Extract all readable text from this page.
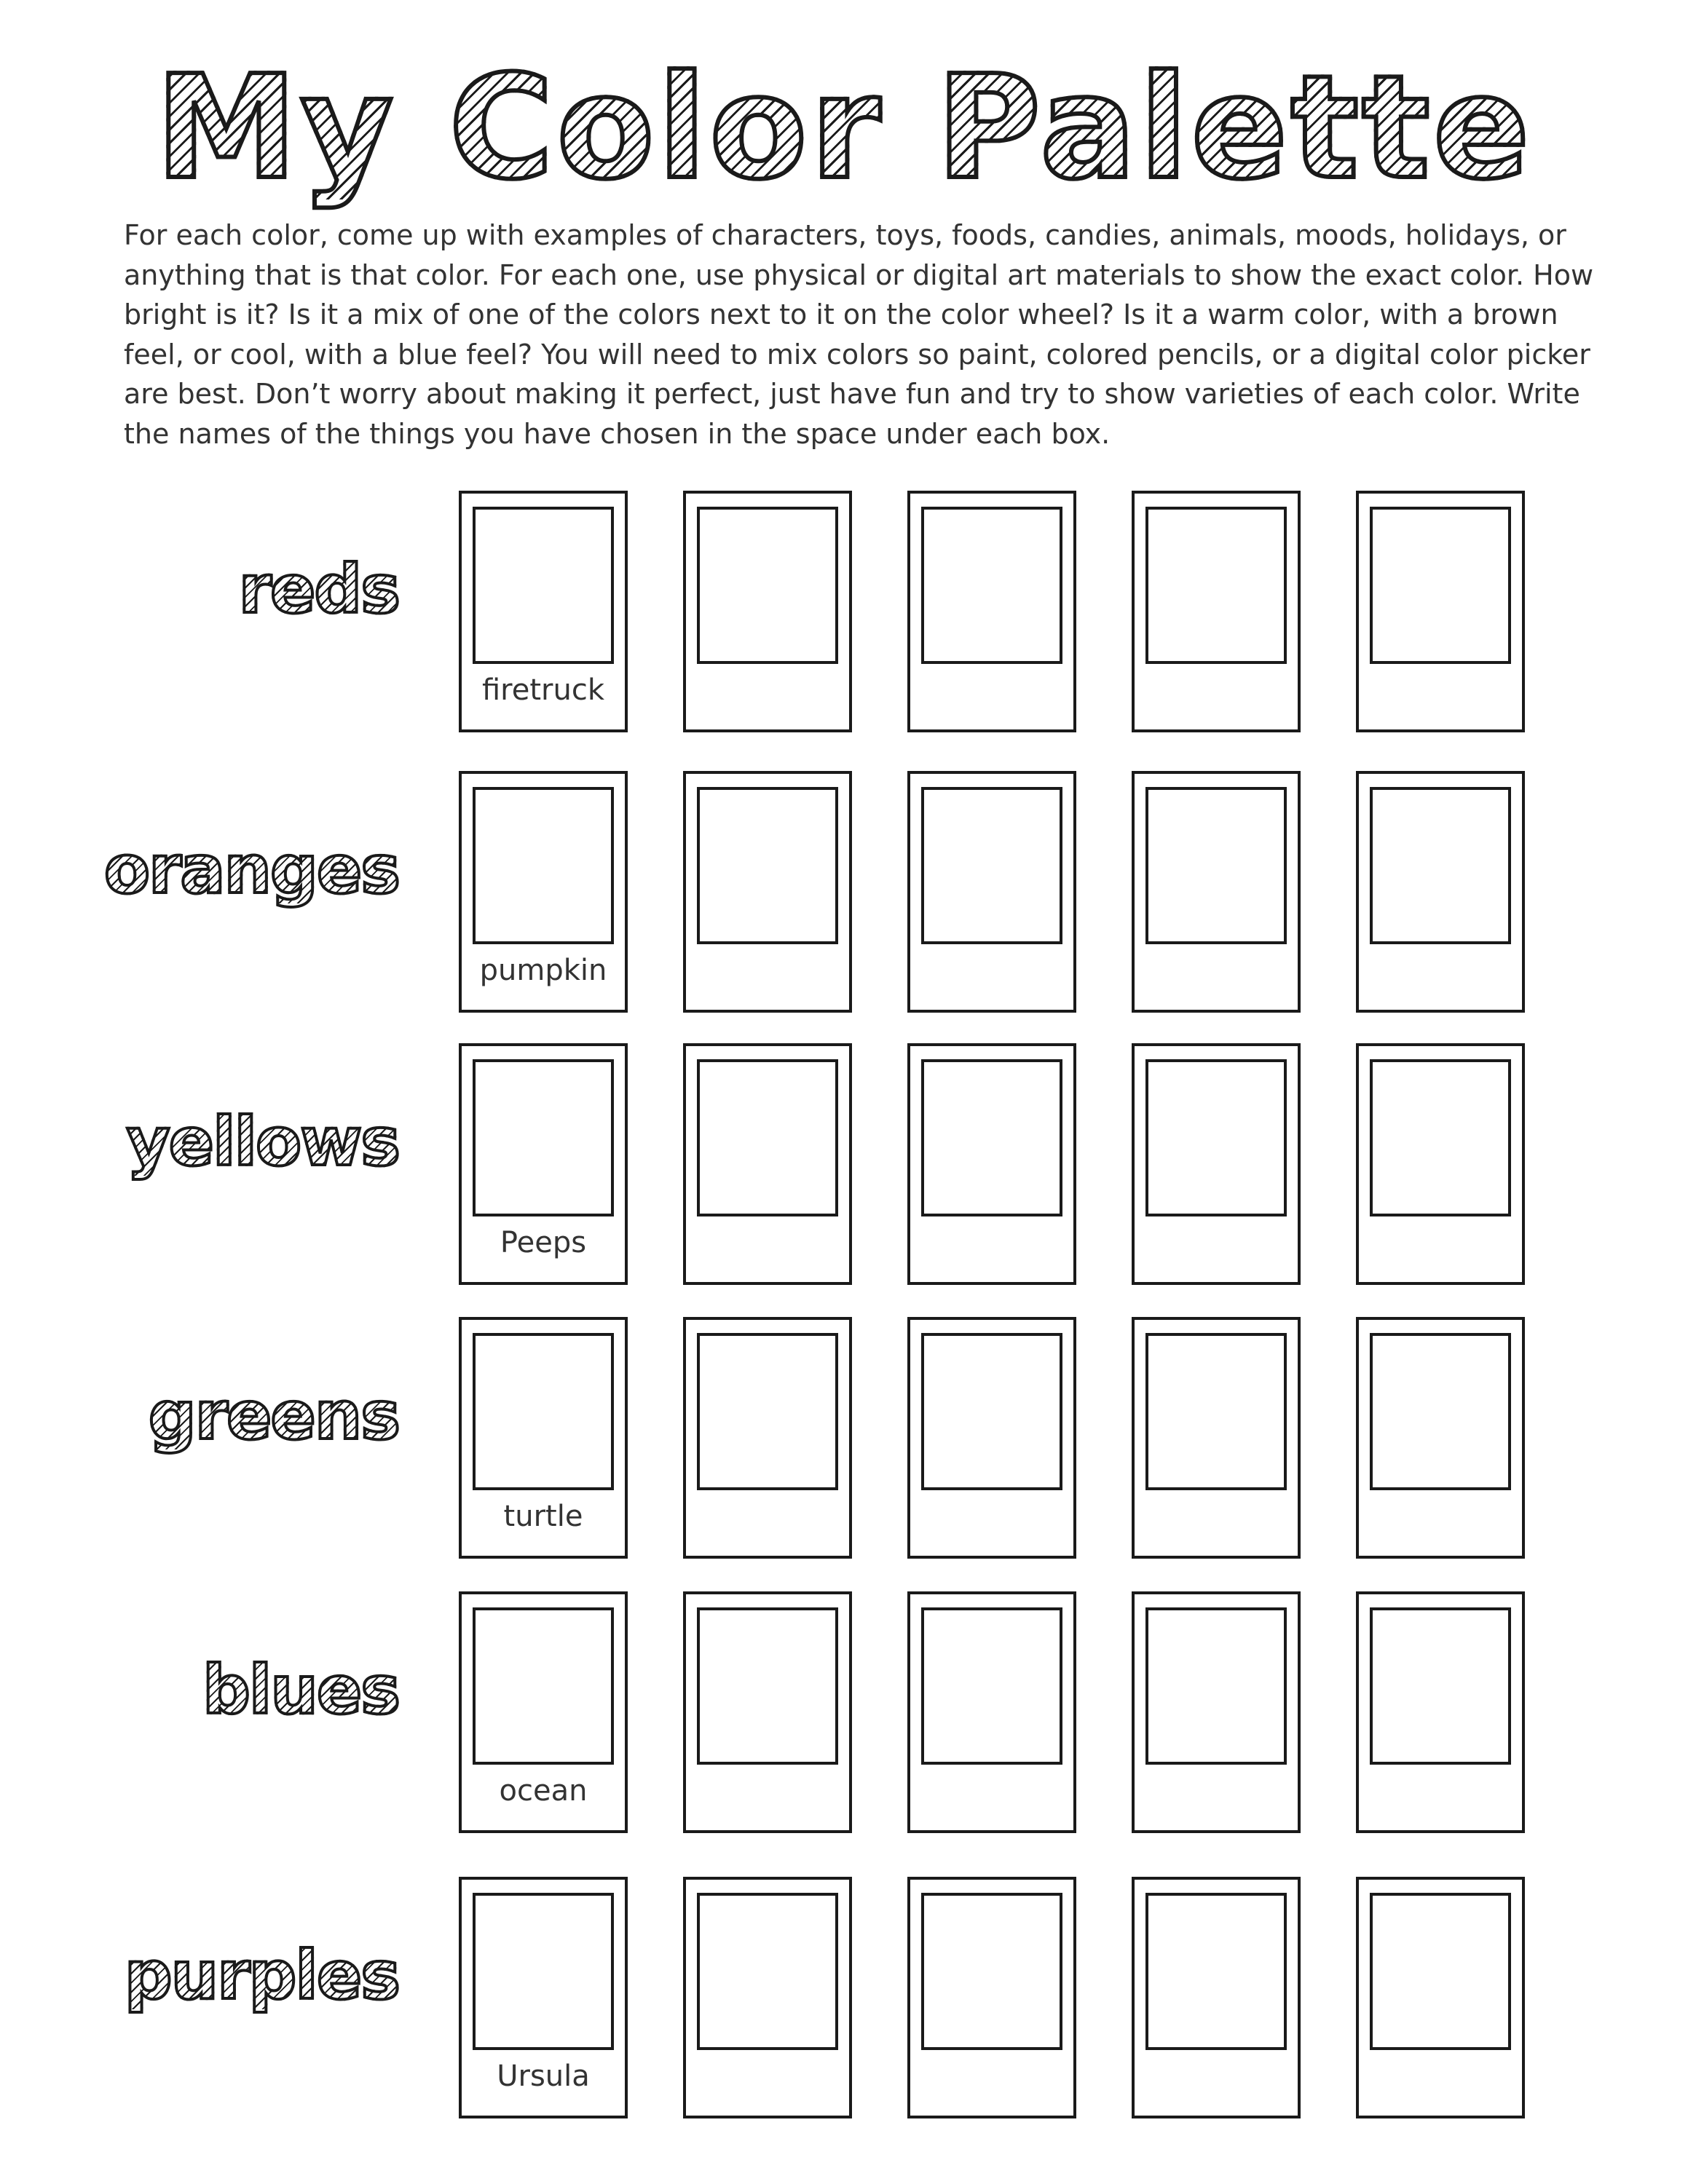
My Color Palette

For each color, come up with examples of characters, toys, foods, candies, animals, moods, holidays, or anything that is that color. For each one, use physical or digital art materials to show the exact color. How bright is it? Is it a mix of one of the colors next to it on the color wheel? Is it a warm color, with a brown feel, or cool, with a blue feel? You will need to mix colors so paint, colored pencils, or a digital color picker are best. Don’t worry about making it perfect, just have fun and try to show varieties of each color. Write the names of the things you have chosen in the space under each box.

reds
firetruck
oranges
pumpkin
yellows
Peeps
greens
turtle
blues
ocean
purples
Ursula
